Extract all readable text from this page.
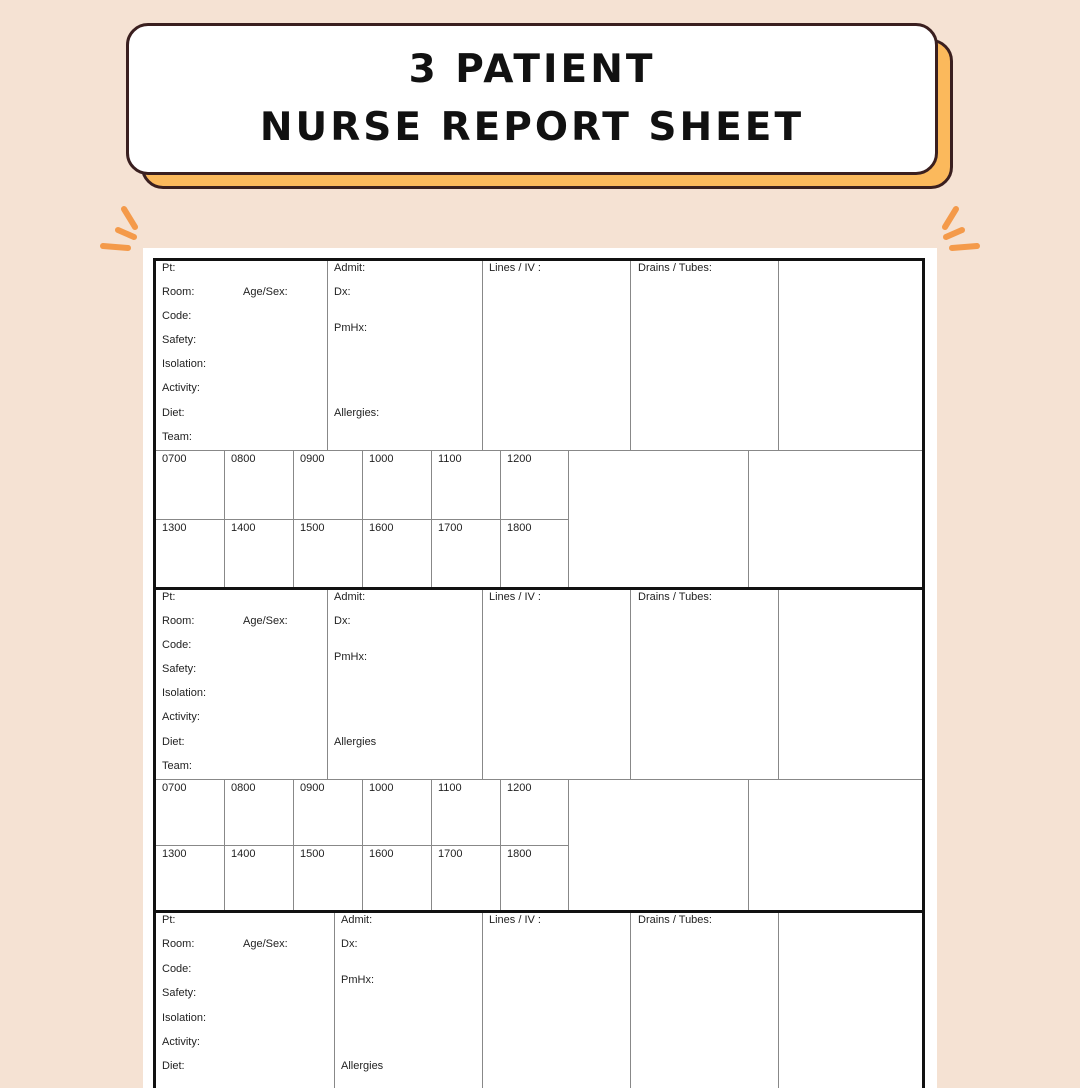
3 PATIENT
NURSE REPORT SHEET
Pt:
Room:	Age/Sex:
Code:
Safety:
Isolation:
Activity:
Diet:
Team:
Admit:
Dx:
PmHx:
Allergies:
Lines / IV :	Drains / Tubes:
0700	0800	0900	1000	1100	1200
1300	1400	1500	1600	1700	1800
Pt:
Room:	Age/Sex:
Code:
Safety:
Isolation:
Activity:
Diet:
Team:
Admit:
Dx:
PmHx:
Allergies
Lines / IV :	Drains / Tubes:
0700	0800	0900	1000	1100	1200
1300	1400	1500	1600	1700	1800
Pt:
Room:	Age/Sex:
Code:
Safety:
Isolation:
Activity:
Diet:
Admit:
Dx:
PmHx:
Allergies
Lines / IV :	Drains / Tubes:
